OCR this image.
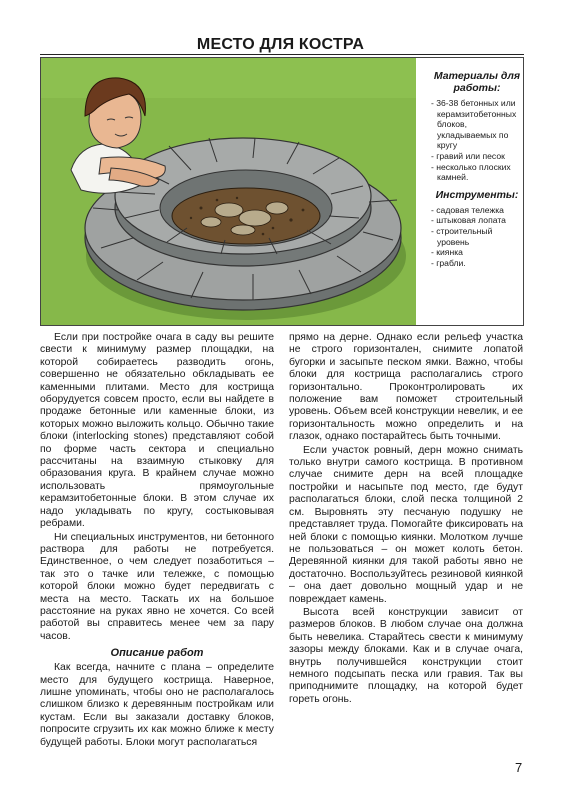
МЕСТО ДЛЯ КОСТРА

Материалы для работы:

- 36-38 бетонных или керамзитобетонных блоков, укладываемых по кругу
- гравий или песок
- несколько плоских камней.

Инструменты:

- садовая тележка
- штыковая лопата
- строительный уровень
- киянка
- грабли.

Если при постройке очага в саду вы решите свести к минимуму размер площадки, на которой собираетесь разводить огонь, совершенно не обязательно обкладывать ее каменными плитами. Место для кострища оборудуется совсем просто, если вы найдете в продаже бетонные или каменные блоки, из которых можно выложить кольцо. Обычно такие блоки (interlocking stones) представляют собой по форме часть сектора и специально рассчитаны на взаимную стыковку для образования круга. В крайнем случае можно использовать прямоугольные керамзитобетонные блоки. В этом случае их надо укладывать по кругу, состыковывая ребрами.

Ни специальных инструментов, ни бетонного раствора для работы не потребуется. Единственное, о чем следует позаботиться – так это о тачке или тележке, с помощью которой блоки можно будет передвигать с места на место. Таскать их на большое расстояние на руках явно не хочется. Со всей работой вы справитесь менее чем за пару часов.

Описание работ

Как всегда, начните с плана – определите место для будущего кострища. Наверное, лишне упоминать, чтобы оно не располагалось слишком близко к деревянным постройкам или кустам. Если вы заказали доставку блоков, попросите сгрузить их как можно ближе к месту будущей работы. Блоки могут располагаться

прямо на дерне. Однако если рельеф участка не строго горизонтален, снимите лопатой бугорки и засыпьте песком ямки. Важно, чтобы блоки для кострища располагались строго горизонтально. Проконтролировать их положение вам поможет строительный уровень. Объем всей конструкции невелик, и ее горизонтальность можно определить и на глазок, однако постарайтесь быть точными.

Если участок ровный, дерн можно снимать только внутри самого кострища. В противном случае снимите дерн на всей площадке постройки и насыпьте под место, где будут располагаться блоки, слой песка толщиной 2 см. Выровнять эту песчаную подушку не представляет труда. Помогайте фиксировать на ней блоки с помощью киянки. Молотком лучше не пользоваться – он может колоть бетон. Деревянной киянки для такой работы явно не достаточно. Воспользуйтесь резиновой киянкой – она дает довольно мощный удар и не повреждает камень.

Высота всей конструкции зависит от размеров блоков. В любом случае она должна быть невелика. Старайтесь свести к минимуму зазоры между блоками. Как и в случае очага, внутрь получившейся конструкции стоит немного подсыпать песка или гравия. Так вы приподнимите площадку, на которой будет гореть огонь.

7
